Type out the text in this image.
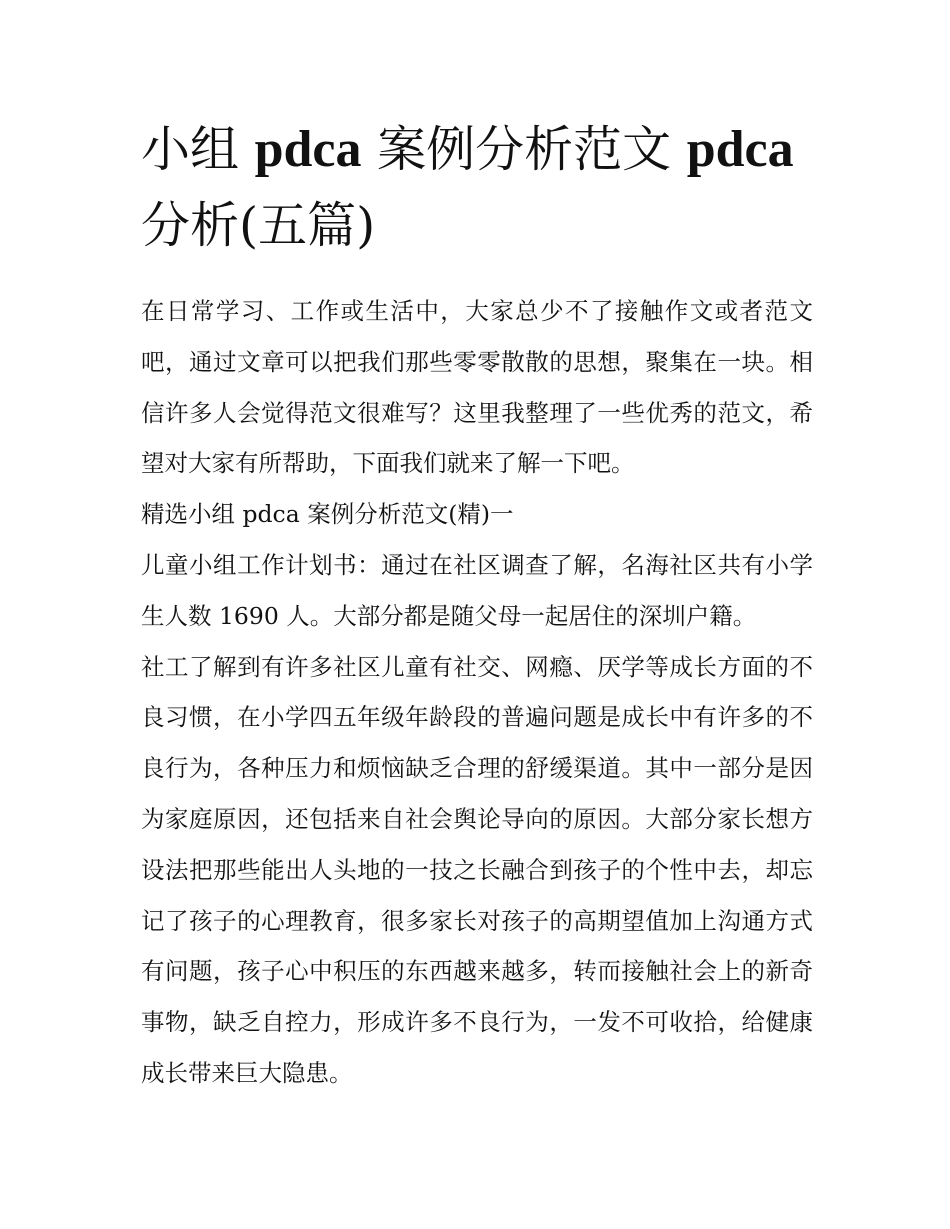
小组 pdca 案例分析范文 pdca
分析(五篇)

在日常学习、工作或生活中，大家总少不了接触作文或者范文吧，通过文章可以把我们那些零零散散的思想，聚集在一块。相信许多人会觉得范文很难写？这里我整理了一些优秀的范文，希望对大家有所帮助，下面我们就来了解一下吧。

精选小组 pdca 案例分析范文(精)一

儿童小组工作计划书：通过在社区调查了解，名海社区共有小学生人数 1690 人。大部分都是随父母一起居住的深圳户籍。

社工了解到有许多社区儿童有社交、网瘾、厌学等成长方面的不良习惯，在小学四五年级年龄段的普遍问题是成长中有许多的不良行为，各种压力和烦恼缺乏合理的舒缓渠道。其中一部分是因为家庭原因，还包括来自社会舆论导向的原因。大部分家长想方设法把那些能出人头地的一技之长融合到孩子的个性中去，却忘记了孩子的心理教育，很多家长对孩子的高期望值加上沟通方式有问题，孩子心中积压的东西越来越多，转而接触社会上的新奇事物，缺乏自控力，形成许多不良行为，一发不可收拾，给健康成长带来巨大隐患。
